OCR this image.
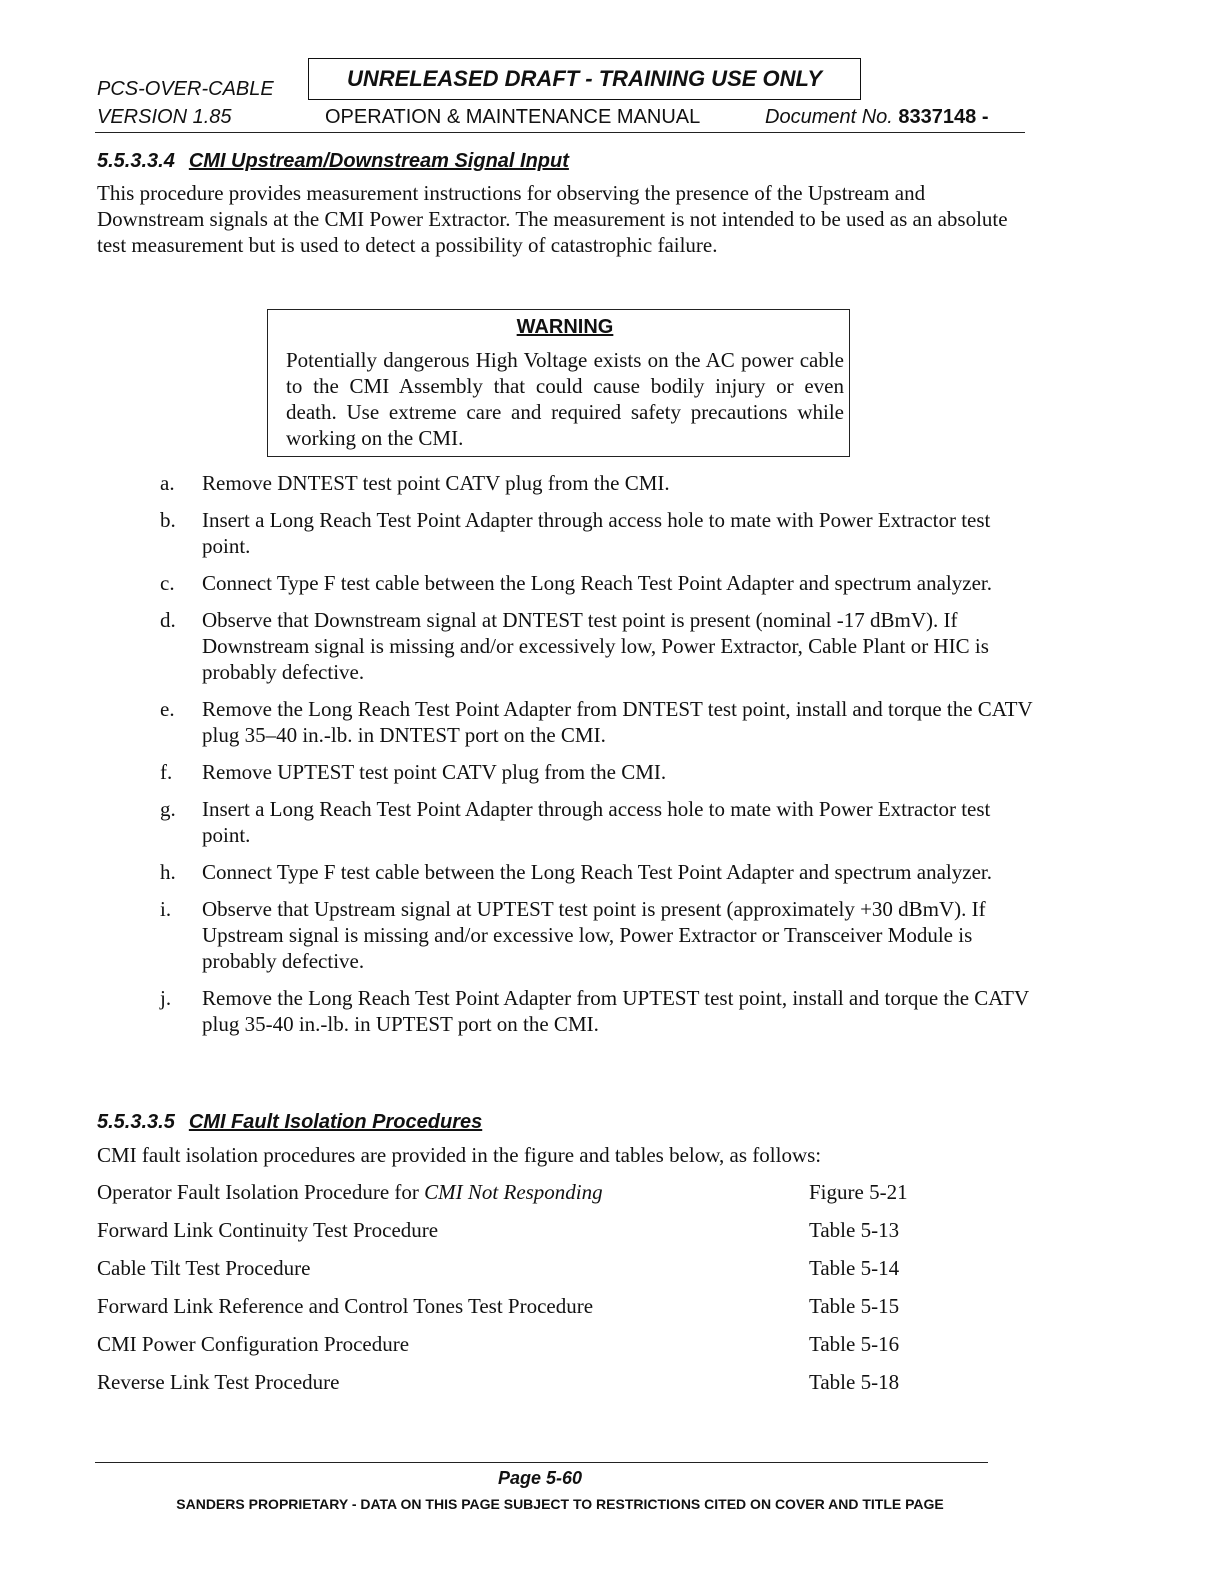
PCS-OVER-CABLE
VERSION 1.85
UNRELEASED DRAFT - TRAINING USE ONLY
OPERATION & MAINTENANCE MANUAL	Document No. 8337148 -
5.5.3.3.4 CMI Upstream/Downstream Signal Input
This procedure provides measurement instructions for observing the presence of the Upstream and Downstream signals at the CMI Power Extractor. The measurement is not intended to be used as an absolute test measurement but is used to detect a possibility of catastrophic failure.
WARNING
Potentially dangerous High Voltage exists on the AC power cable to the CMI Assembly that could cause bodily injury or even death. Use extreme care and required safety precautions while working on the CMI.
a.	Remove DNTEST test point CATV plug from the CMI.
b.	Insert a Long Reach Test Point Adapter through access hole to mate with Power Extractor test point.
c.	Connect Type F test cable between the Long Reach Test Point Adapter and spectrum analyzer.
d.	Observe that Downstream signal at DNTEST test point is present (nominal -17 dBmV). If Downstream signal is missing and/or excessively low, Power Extractor, Cable Plant or HIC is probably defective.
e.	Remove the Long Reach Test Point Adapter from DNTEST test point, install and torque the CATV plug 35–40 in.-lb. in DNTEST port on the CMI.
f.	Remove UPTEST test point CATV plug from the CMI.
g.	Insert a Long Reach Test Point Adapter through access hole to mate with Power Extractor test point.
h.	Connect Type F test cable between the Long Reach Test Point Adapter and spectrum analyzer.
i.	Observe that Upstream signal at UPTEST test point is present (approximately +30 dBmV). If Upstream signal is missing and/or excessive low, Power Extractor or Transceiver Module is probably defective.
j.	Remove the Long Reach Test Point Adapter from UPTEST test point, install and torque the CATV plug 35-40 in.-lb. in UPTEST port on the CMI.
5.5.3.3.5 CMI Fault Isolation Procedures
CMI fault isolation procedures are provided in the figure and tables below, as follows:
Operator Fault Isolation Procedure for CMI Not Responding	Figure 5-21
Forward Link Continuity Test Procedure	Table 5-13
Cable Tilt Test Procedure	Table 5-14
Forward Link Reference and Control Tones Test Procedure	Table 5-15
CMI Power Configuration Procedure	Table 5-16
Reverse Link Test Procedure	Table 5-18
Page 5-60
SANDERS PROPRIETARY - DATA ON THIS PAGE SUBJECT TO RESTRICTIONS CITED ON COVER AND TITLE PAGE
